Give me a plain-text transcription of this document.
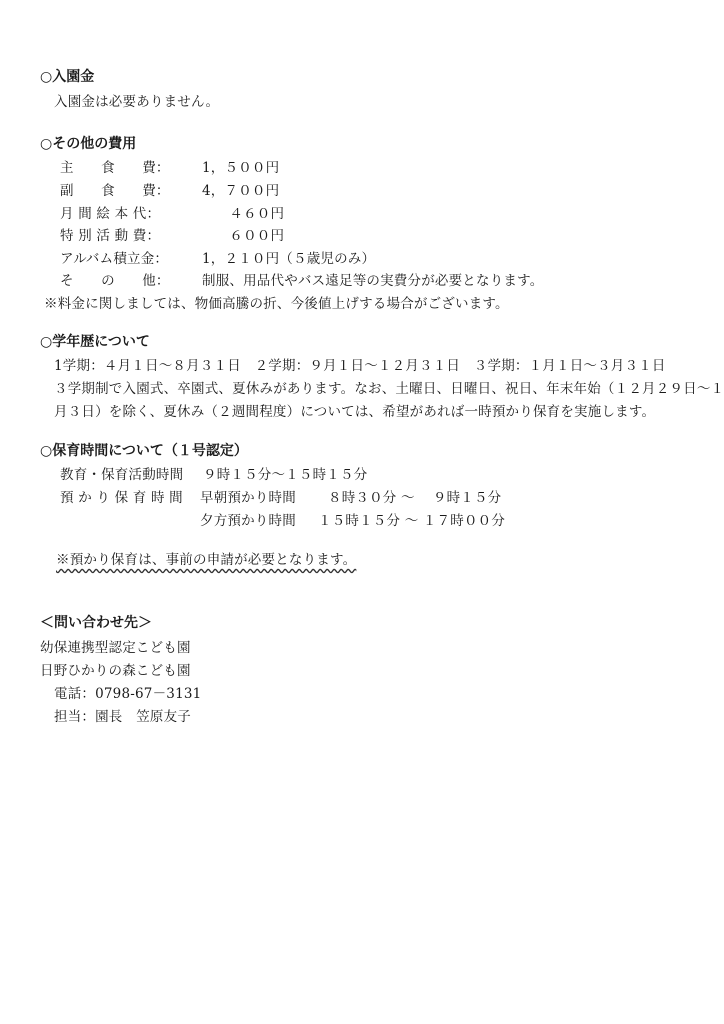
○入園金
入園金は必要ありません。
○その他の費用
主　　食　　費： 1，５００円
副　　食　　費： 4，７００円
月 間 絵 本 代：	　　４６０円
特 別 活 動 費：	　　６００円
アルバム積立金：	1，２１０円（５歳児のみ）
そ　　の　　他： 制服、用品代やバス遠足等の実費分が必要となります。
※料金に関しましては、物価高騰の折、今後値上げする場合がございます。
○学年歴について
1学期：４月１日～８月３１日　２学期：９月１日～１２月３１日　３学期：１月１日～３月３１日
３学期制で入園式、卒園式、夏休みがあります。なお、土曜日、日曜日、祝日、年末年始（１２月２９日～１
月３日）を除く、夏休み（２週間程度）については、希望があれば一時預かり保育を実施します。
○保育時間について（１号認定）
教育・保育活動時間 ９時１５分～１５時１５分
預 か り 保 育 時 間 早朝預かり時間 ８時３０分 ～　 ９時１５分
夕方預かり時間 １５時１５分 ～ １７時００分
※預かり保育は、事前の申請が必要となります。
＜問い合わせ先＞
幼保連携型認定こども園
日野ひかりの森こども園
電話：0798-67－3131
担当：園長　笠原友子
